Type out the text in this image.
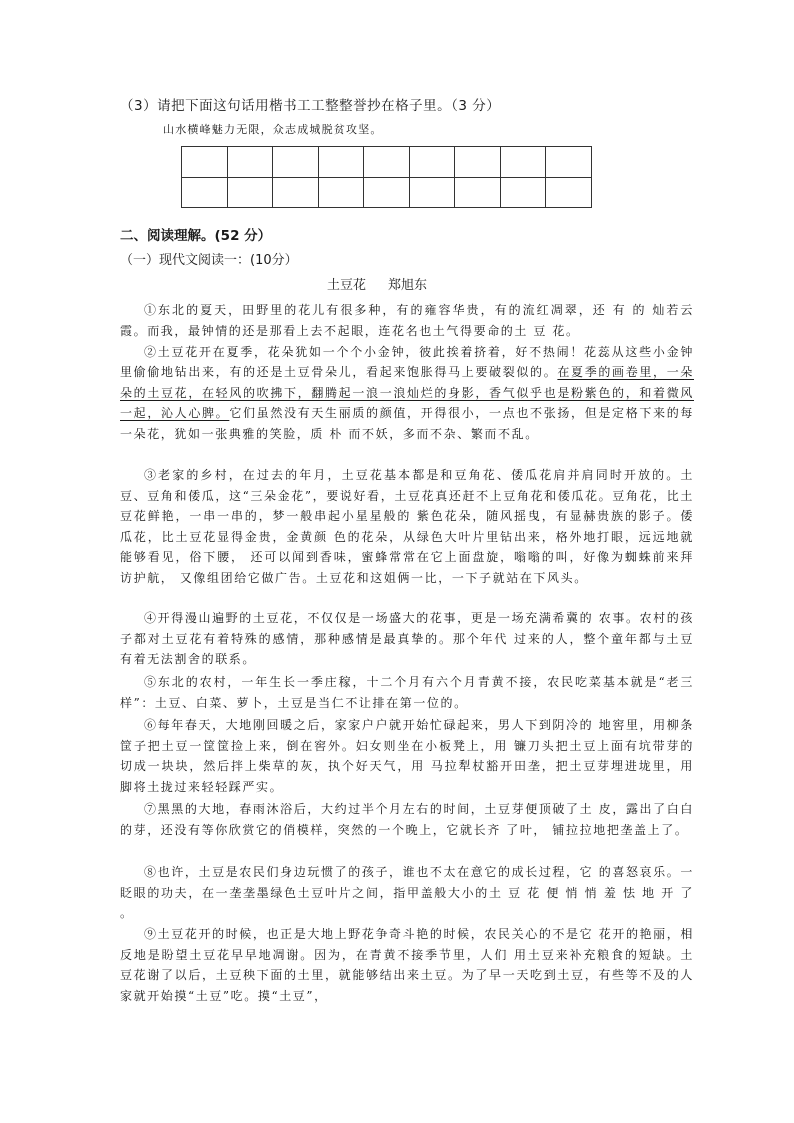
（3）请把下面这句话用楷书工工整整誉抄在格子里。（3 分）
山水横峰魅力无限，众志成城脱贫攻坚。

二、阅读理解。(52 分）
（一）现代文阅读一：(10分）
土豆花 郑旭东

①东北的夏天，田野里的花儿有很多种，有的雍容华贵，有的流红凋翠，还 有 的 灿若云霞。而我，最钟情的还是那看上去不起眼，连花名也土气得要命的土 豆 花。

②土豆花开在夏季，花朵犹如一个个小金钟，彼此挨着挤着，好不热闹！花蕊从这些小金钟里偷偷地钻出来，有的还是土豆骨朵儿，看起来饱胀得马上要破裂似的。在夏季的画卷里，一朵朵的土豆花，在轻风的吹拂下，翻腾起一浪一浪灿烂的身影，香气似乎也是粉紫色的，和着微风一起，沁人心脾。它们虽然没有天生丽质的颜值，开得很小，一点也不张扬，但是定格下来的每一朵花，犹如一张典雅的笑脸，质 朴 而不妖，多而不杂、繁而不乱。

③老家的乡村，在过去的年月，土豆花基本都是和豆角花、倭瓜花肩并肩同时开放的。土豆、豆角和倭瓜，这“三朵金花”，要说好看，土豆花真还赶不上豆角花和倭瓜花。豆角花，比土豆花鲜艳，一串一串的，梦一般串起小星星般的 紫色花朵，随风摇曳，有显赫贵族的影子。倭瓜花，比土豆花显得金贵，金黄颜 色的花朵，从绿色大叶片里钻出来，格外地打眼，远远地就能够看见，俗下腰， 还可以闻到香味，蜜蜂常常在它上面盘旋，嗡嗡的叫，好像为蜘蛛前来拜访护航， 又像组团给它做广告。土豆花和这姐俩一比，一下子就站在下风头。

④开得漫山遍野的土豆花，不仅仅是一场盛大的花事，更是一场充满希冀的 农事。农村的孩子都对土豆花有着特殊的感情，那种感情是最真挚的。那个年代 过来的人，整个童年都与土豆有着无法割舍的联系。

⑤东北的农村，一年生长一季庄稼，十二个月有六个月青黄不接，农民吃菜基本就是“老三样”：土豆、白菜、萝卜，土豆是当仁不让排在第一位的。

⑥每年春天，大地刚回暖之后，家家户户就开始忙碌起来，男人下到阴冷的 地窖里，用柳条筐子把土豆一筐筐捡上来，倒在窖外。妇女则坐在小板凳上，用 镰刀头把土豆上面有坑带芽的切成一块块，然后拌上柴草的灰，执个好天气，用 马拉犁杖豁开田垄，把土豆芽埋进垅里，用脚将土拢过来轻轻踩严实。

⑦黑黑的大地，春雨沐浴后，大约过半个月左右的时间，土豆芽便顶破了土 皮，露出了白白的芽，还没有等你欣赏它的俏模样，突然的一个晚上，它就长齐 了叶， 铺拉拉地把垄盖上了。

⑧也许，土豆是农民们身边玩惯了的孩子，谁也不太在意它的成长过程，它 的喜怒哀乐。一眨眼的功夫，在一垄垄墨绿色土豆叶片之间，指甲盖般大小的土 豆 花 便 悄 悄 羞 怯 地 开 了 。

⑨土豆花开的时候，也正是大地上野花争奇斗艳的时候，农民关心的不是它 花开的艳丽，相反地是盼望土豆花早早地凋谢。因为，在青黄不接季节里，人们 用土豆来补充粮食的短缺。土豆花谢了以后，土豆秧下面的土里，就能够结出来土豆。为了早一天吃到土豆，有些等不及的人家就开始摸“土豆”吃。摸“土豆”，
